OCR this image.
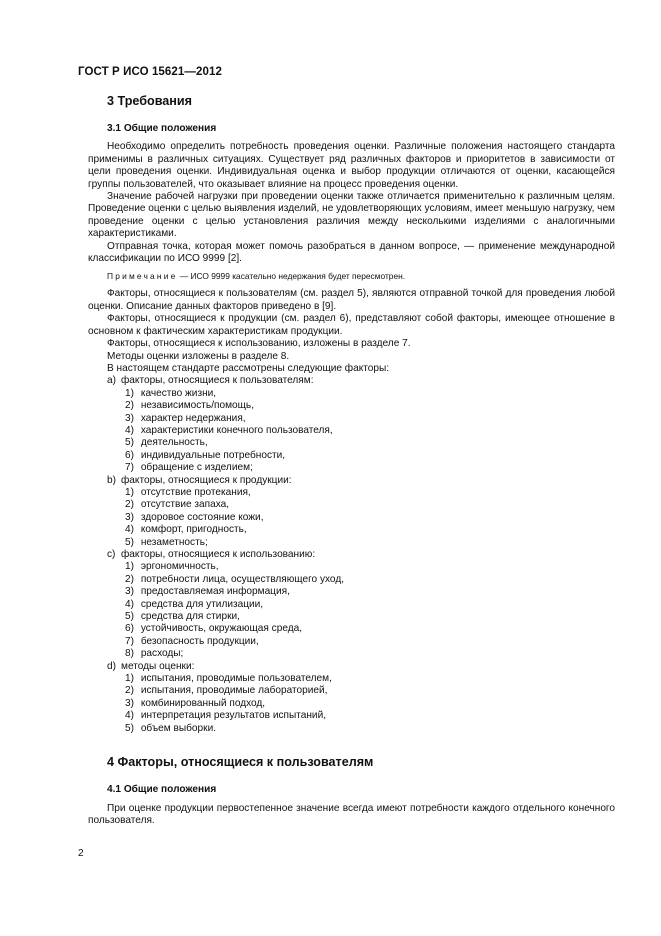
ГОСТ Р ИСО 15621—2012
3 Требования
3.1 Общие положения

Необходимо определить потребность проведения оценки. Различные положения настоящего стандарта применимы в различных ситуациях. Существует ряд различных факторов и приоритетов в зависимости от цели проведения оценки. Индивидуальная оценка и выбор продукции отличаются от оценки, касающейся группы пользователей, что оказывает влияние на процесс проведения оценки.

Значение рабочей нагрузки при проведении оценки также отличается применительно к различным целям. Проведение оценки с целью выявления изделий, не удовлетворяющих условиям, имеет меньшую нагрузку, чем проведение оценки с целью установления различия между несколькими изделиями с аналогичными характеристиками.

Отправная точка, которая может помочь разобраться в данном вопросе, — применение международной классификации по ИСО 9999 [2].

Примечание — ИСО 9999 касательно недержания будет пересмотрен.

Факторы, относящиеся к пользователям (см. раздел 5), являются отправной точкой для проведения любой оценки. Описание данных факторов приведено в [9].

Факторы, относящиеся к продукции (см. раздел 6), представляют собой факторы, имеющее отношение в основном к фактическим характеристикам продукции.

Факторы, относящиеся к использованию, изложены в разделе 7.

Методы оценки изложены в разделе 8.

В настоящем стандарте рассмотрены следующие факторы:

a) факторы, относящиеся к пользователям:
1) качество жизни,
2) независимость/помощь,
3) характер недержания,
4) характеристики конечного пользователя,
5) деятельность,
6) индивидуальные потребности,
7) обращение с изделием;
b) факторы, относящиеся к продукции:
1) отсутствие протекания,
2) отсутствие запаха,
3) здоровое состояние кожи,
4) комфорт, пригодность,
5) незаметность;
c) факторы, относящиеся к использованию:
1) эргономичность,
2) потребности лица, осуществляющего уход,
3) предоставляемая информация,
4) средства для утилизации,
5) средства для стирки,
6) устойчивость, окружающая среда,
7) безопасность продукции,
8) расходы;
d) методы оценки:
1) испытания, проводимые пользователем,
2) испытания, проводимые лабораторией,
3) комбинированный подход,
4) интерпретация результатов испытаний,
5) объем выборки.
4 Факторы, относящиеся к пользователям
4.1 Общие положения

При оценке продукции первостепенное значение всегда имеют потребности каждого отдельного конечного пользователя.

2
